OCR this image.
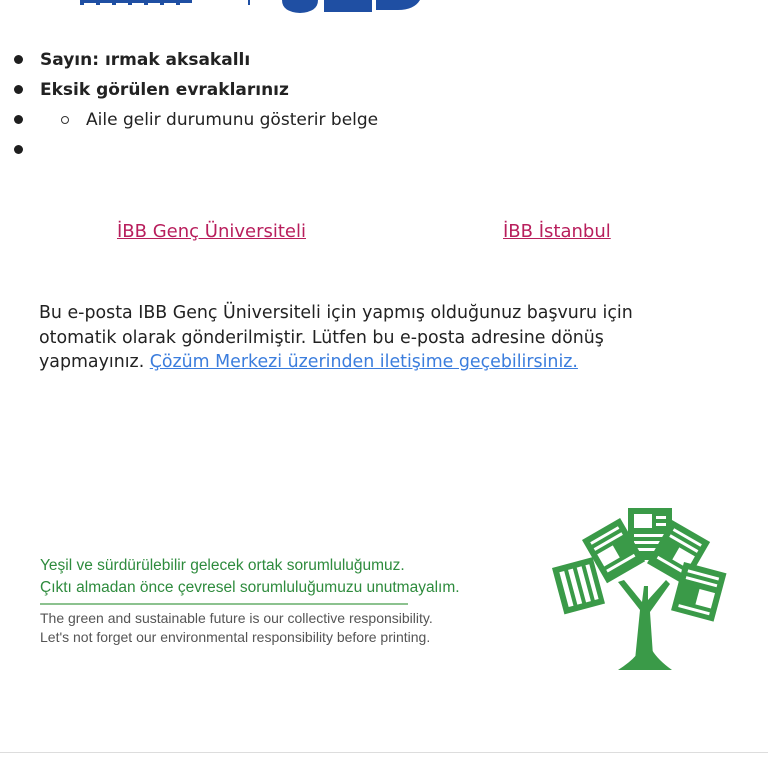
Sayın: ırmak aksakallı
Eksik görülen evraklarınız
Aile gelir durumunu gösterir belge
İBB Genç Üniversiteli	İBB İstanbul
Bu e-posta IBB Genç Üniversiteli için yapmış olduğunuz başvuru için otomatik olarak gönderilmiştir. Lütfen bu e-posta adresine dönüş yapmayınız. Çözüm Merkezi üzerinden iletişime geçebilirsiniz.
Yeşil ve sürdürülebilir gelecek ortak sorumluluğumuz.
Çıktı almadan önce çevresel sorumluluğumuzu unutmayalım.
The green and sustainable future is our collective responsibility.
Let's not forget our environmental responsibility before printing.
